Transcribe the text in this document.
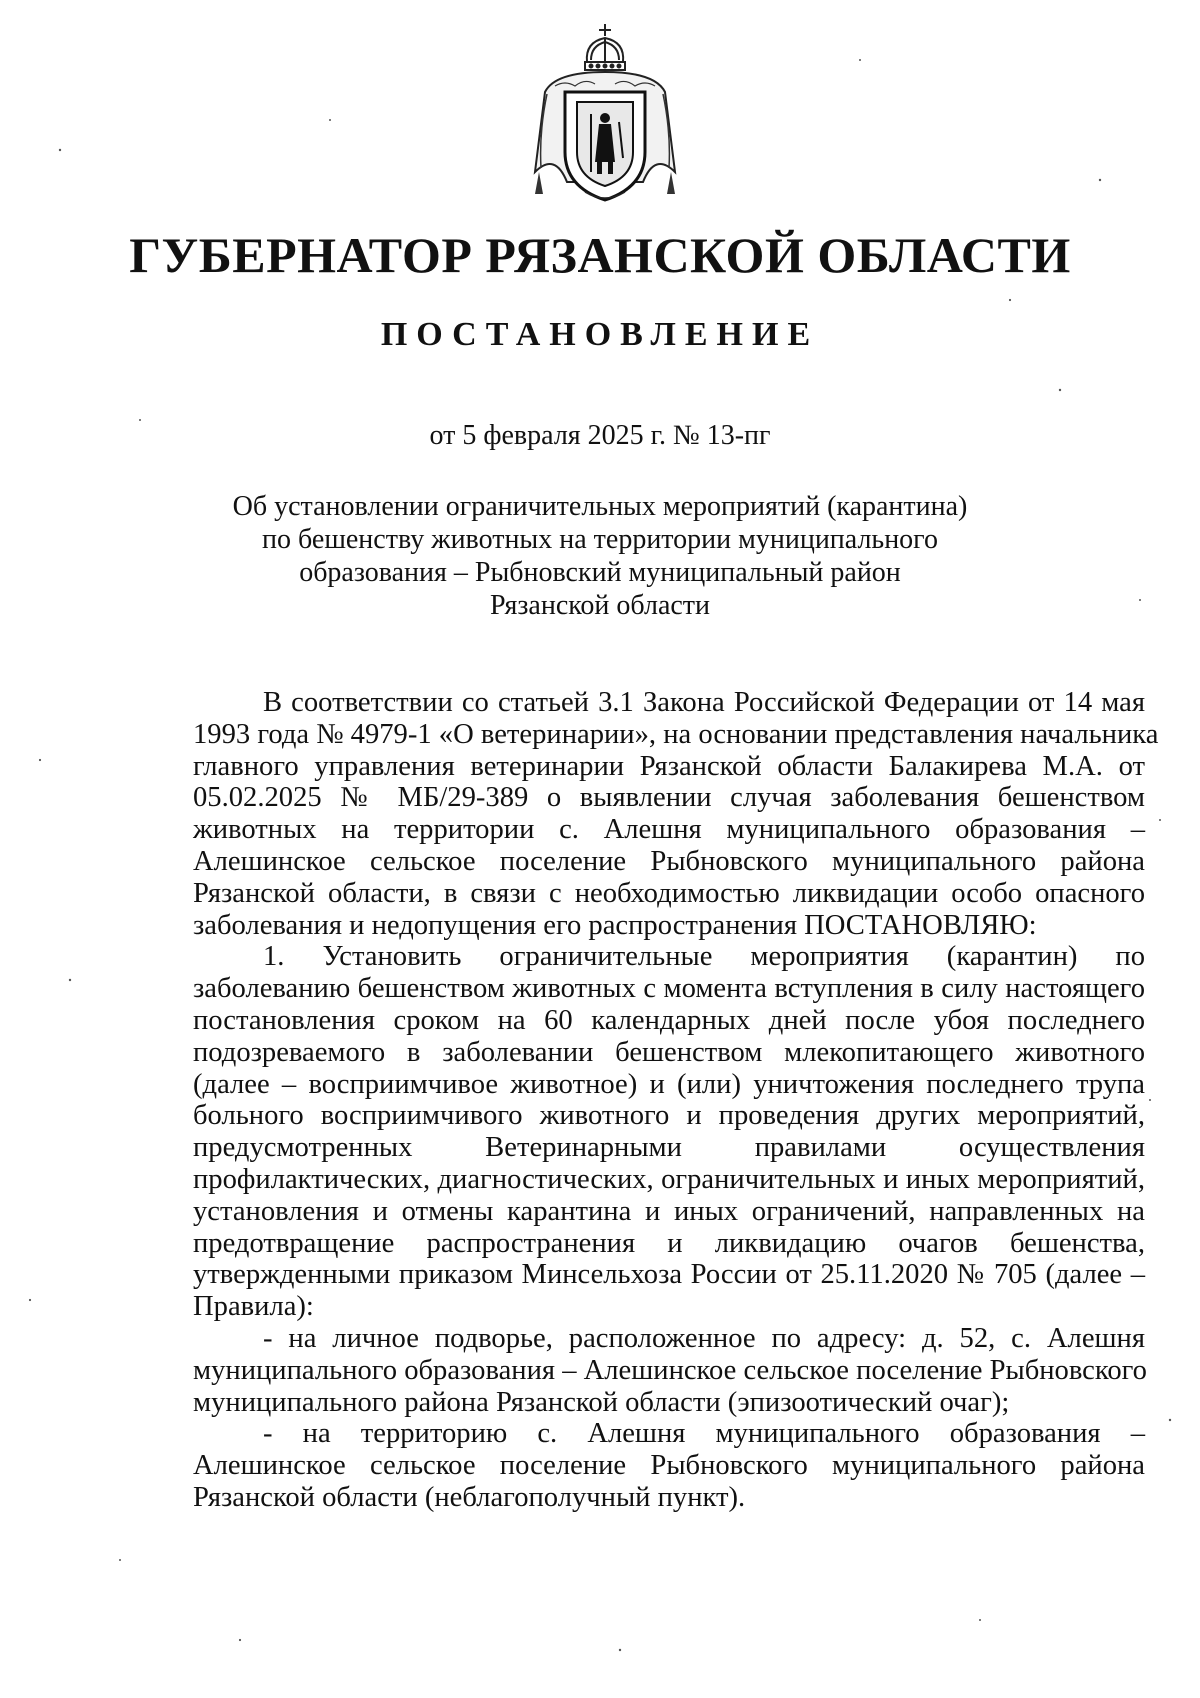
ГУБЕРНАТОР РЯЗАНСКОЙ ОБЛАСТИ
ПОСТАНОВЛЕНИЕ
от 5 февраля 2025 г. № 13-пг
Об установлении ограничительных мероприятий (карантина)
по бешенству животных на территории муниципального
образования – Рыбновский муниципальный район
Рязанской области
В соответствии со статьей 3.1 Закона Российской Федерации от 14 мая
1993 года № 4979-1 «О ветеринарии», на основании представления начальника
главного управления ветеринарии Рязанской области Балакирева М.А. от
05.02.2025 № МБ/29-389 о выявлении случая заболевания бешенством
животных на территории с. Алешня муниципального образования –
Алешинское сельское поселение Рыбновского муниципального района
Рязанской области, в связи с необходимостью ликвидации особо опасного
заболевания и недопущения его распространения ПОСТАНОВЛЯЮ:
1. Установить ограничительные мероприятия (карантин) по
заболеванию бешенством животных с момента вступления в силу настоящего
постановления сроком на 60 календарных дней после убоя последнего
подозреваемого в заболевании бешенством млекопитающего животного
(далее – восприимчивое животное) и (или) уничтожения последнего трупа
больного восприимчивого животного и проведения других мероприятий,
предусмотренных Ветеринарными правилами осуществления
профилактических, диагностических, ограничительных и иных мероприятий,
установления и отмены карантина и иных ограничений, направленных на
предотвращение распространения и ликвидацию очагов бешенства,
утвержденными приказом Минсельхоза России от 25.11.2020 № 705 (далее –
Правила):
- на личное подворье, расположенное по адресу: д. 52, с. Алешня
муниципального образования – Алешинское сельское поселение Рыбновского
муниципального района Рязанской области (эпизоотический очаг);
- на территорию с. Алешня муниципального образования –
Алешинское сельское поселение Рыбновского муниципального района
Рязанской области (неблагополучный пункт).
